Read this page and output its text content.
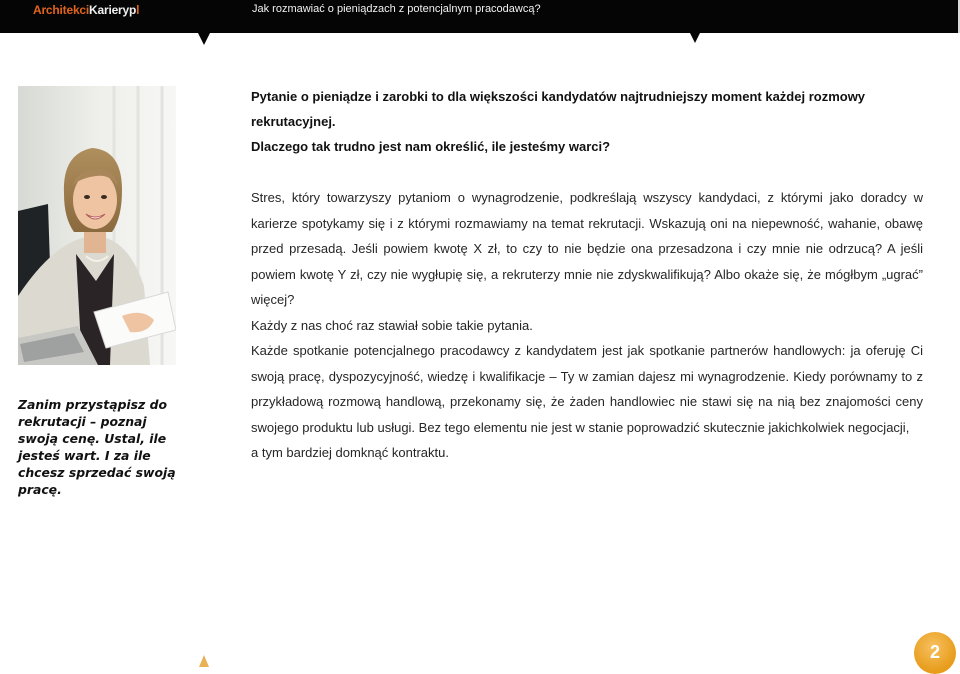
ArchitekciKarierypl	Jak rozmawiać o pieniądzach z potencjalnym pracodawcą?
Zanim przystąpisz do rekrutacji – poznaj swoją cenę. Ustal, ile jesteś wart. I za ile chcesz sprzedać swoją pracę.

Pytanie o pieniądze i zarobki to dla większości kandydatów najtrudniejszy moment każdej rozmowy rekrutacyjnej.

Dlaczego tak trudno jest nam określić, ile jesteśmy warci?

Stres, który towarzyszy pytaniom o wynagrodzenie, podkreślają wszyscy kandydaci, z którymi jako doradcy w karierze spotykamy się i z którymi rozmawiamy na temat rekrutacji. Wskazują oni na niepewność, wahanie, obawę przed przesadą. Jeśli powiem kwotę X zł, to czy to nie będzie ona przesadzona i czy mnie nie odrzucą? A jeśli powiem kwotę Y zł, czy nie wygłupię się, a rekruterzy mnie nie zdyskwalifikują? Albo okaże się, że mógłbym „ugrać” więcej?
Każdy z nas choć raz stawiał sobie takie pytania.

Każde spotkanie potencjalnego pracodawcy z kandydatem jest jak spotkanie partnerów handlowych: ja oferuję Ci swoją pracę, dyspozycyjność, wiedzę i kwalifikacje – Ty w zamian dajesz mi wynagrodzenie. Kiedy porównamy to z przykładową rozmową handlową, przekonamy się, że żaden handlowiec nie stawi się na nią bez znajomości ceny swojego produktu lub usługi. Bez tego elementu nie jest w stanie poprowadzić skutecznie jakichkolwiek negocjacji,
a tym bardziej domknąć kontraktu.

2
